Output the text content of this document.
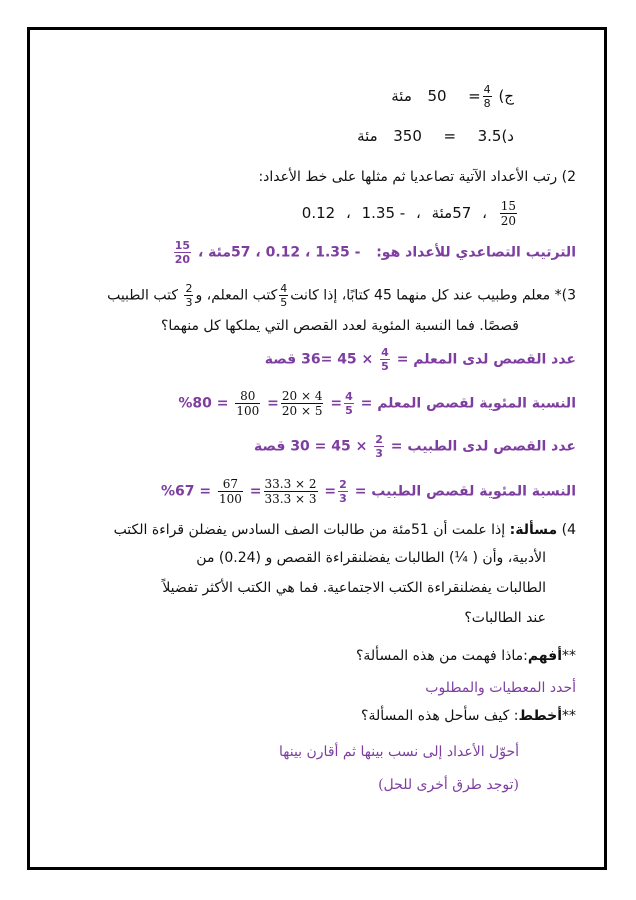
ج)
$\frac{4}{8}$
=  50  مئة
د)3.5  =  350  مئة
2) رتب الأعداد الآتية تصاعديا ثم مثلها على خط الأعداد:
$\frac{15}{20}$
، 57مئة ، - 1.35 ، 0.12
الترتيب التصاعدي للأعداد هو:  - 1.35 ، 0.12 ، 57مئة ،
$\frac{15}{20}$
3)* معلم وطبيب عند كل منهما 45 كتابًا، إذا كانت
$\frac{4}{5}$
كتب المعلم، و
$\frac{2}{3}$
كتب الطبيب
قصصًا. فما النسبة المئوية لعدد القصص التي يملكها كل منهما؟
عدد القصص لدى المعلم =
$\frac{4}{5}$
× 45 =36 قصة
النسبة المئوية لقصص المعلم =
$\frac{4}{5}$
=
$\frac{20 \times 4}{20 \times 5}$
=
$\frac{80}{100}$
= 80%
عدد القصص لدى الطبيب =
$\frac{2}{3}$
× 45 = 30 قصة
النسبة المئوية لقصص الطبيب =
$\frac{2}{3}$
=
$\frac{33.3 \times 2}{33.3 \times 3}$
=
$\frac{67}{100}$
= 67%
4) مسألة: إذا علمت أن 51مئة من طالبات الصف السادس يفضلن قراءة الكتب
الأدبية، وأن ( ¼) الطالبات يفضلنقراءة القصص و (0.24) من
الطالبات يفضلنقراءة الكتب الاجتماعية. فما هي الكتب الأكثر تفضيلاً
عند الطالبات؟
**أفهم:ماذا فهمت من هذه المسألة؟
أحدد المعطيات والمطلوب
**أخطط: كيف سأحل هذه المسألة؟
أحوّل الأعداد إلى نسب بينها ثم أقارن بينها
(توجد طرق أخرى للحل)
